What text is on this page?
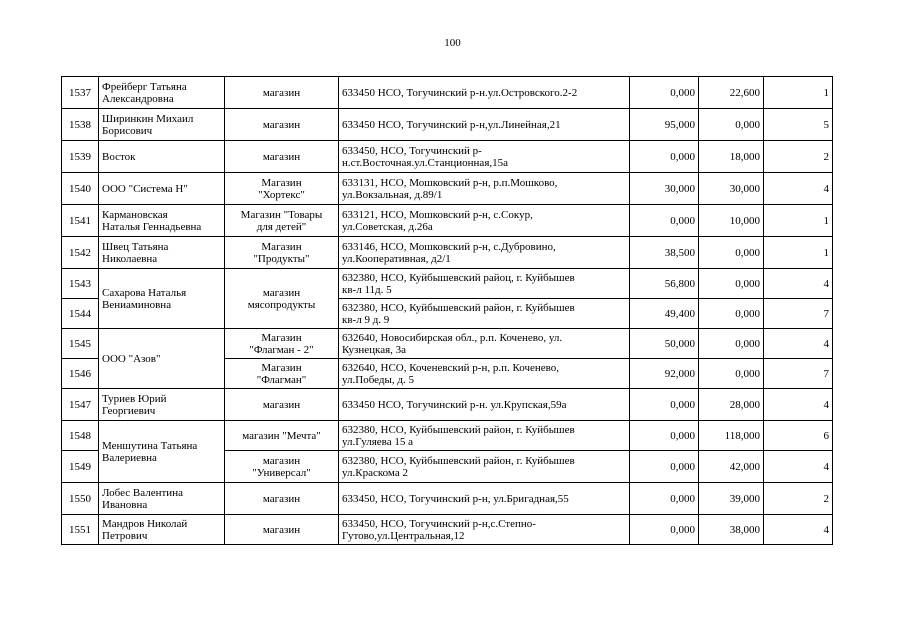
100
1537	Фрейберг Татьяна
Александровна	магазин	633450 НСО, Тогучинский р-н.ул.Островского.2-2	0,000	22,600	1
1538	Ширинкин Михаил
Борисович	магазин	633450 НСО, Тогучинский р-н,ул.Линейная,21	95,000	0,000	5
1539	Восток	магазин	633450, НСО, Тогучинский р-
н.ст.Восточная.ул.Станционная,15а	0,000	18,000	2
1540	ООО "Система Н"	Магазин
"Хортекс"	633131, НСО, Мошковский р-н, р.п.Мошково,
ул.Вокзальная, д.89/1	30,000	30,000	4
1541	Кармановская
Наталья Геннадьевна	Магазин "Товары
для детей"	633121, НСО, Мошковский р-н, с.Сокур,
ул.Советская, д.26а	0,000	10,000	1
1542	Швец Татьяна
Николаевна	Магазин
"Продукты"	633146, НСО, Мошковский р-н, с.Дубровино,
ул.Кооперативная, д2/1	38,500	0,000	1
1543	Сахарова Наталья
Вениаминовна	магазин
мясопродукты	632380, НСО, Куйбышевский райоц, г. Куйбышев
кв-л 11д. 5	56,800	0,000	4
1544			632380, НСО, Куйбышевский район, г. Куйбышев
кв-л 9 д. 9	49,400	0,000	7
1545	ООО "Азов"	Магазин
"Флагман - 2"	632640, Новосибирская обл., р.п. Коченево, ул.
Кузнецкая, 3а	50,000	0,000	4
1546		Магазин
"Флагман"	632640, НСО, Коченевский р-н, р.п. Коченево,
ул.Победы, д. 5	92,000	0,000	7
1547	Туриев Юрий
Георгиевич	магазин	633450 НСО, Тогучинский р-н. ул.Крупская,59а	0,000	28,000	4
1548	Меншутина Татьяна
Валериевна	магазин "Мечта"	632380, НСО, Куйбышевский район, г. Куйбышев
ул.Гуляева 15 а	0,000	118,000	6
1549		магазин
"Универсал"	632380, НСО, Куйбышевский район, г. Куйбышев
ул.Краскома 2	0,000	42,000	4
1550	Лобес Валентина
Ивановна	магазин	633450, НСО, Тогучинский р-н, ул.Бригадная,55	0,000	39,000	2
1551	Мандров Николай
Петрович	магазин	633450, НСО, Тогучинский р-н,с.Степно-
Гутово,ул.Центральная,12	0,000	38,000	4
